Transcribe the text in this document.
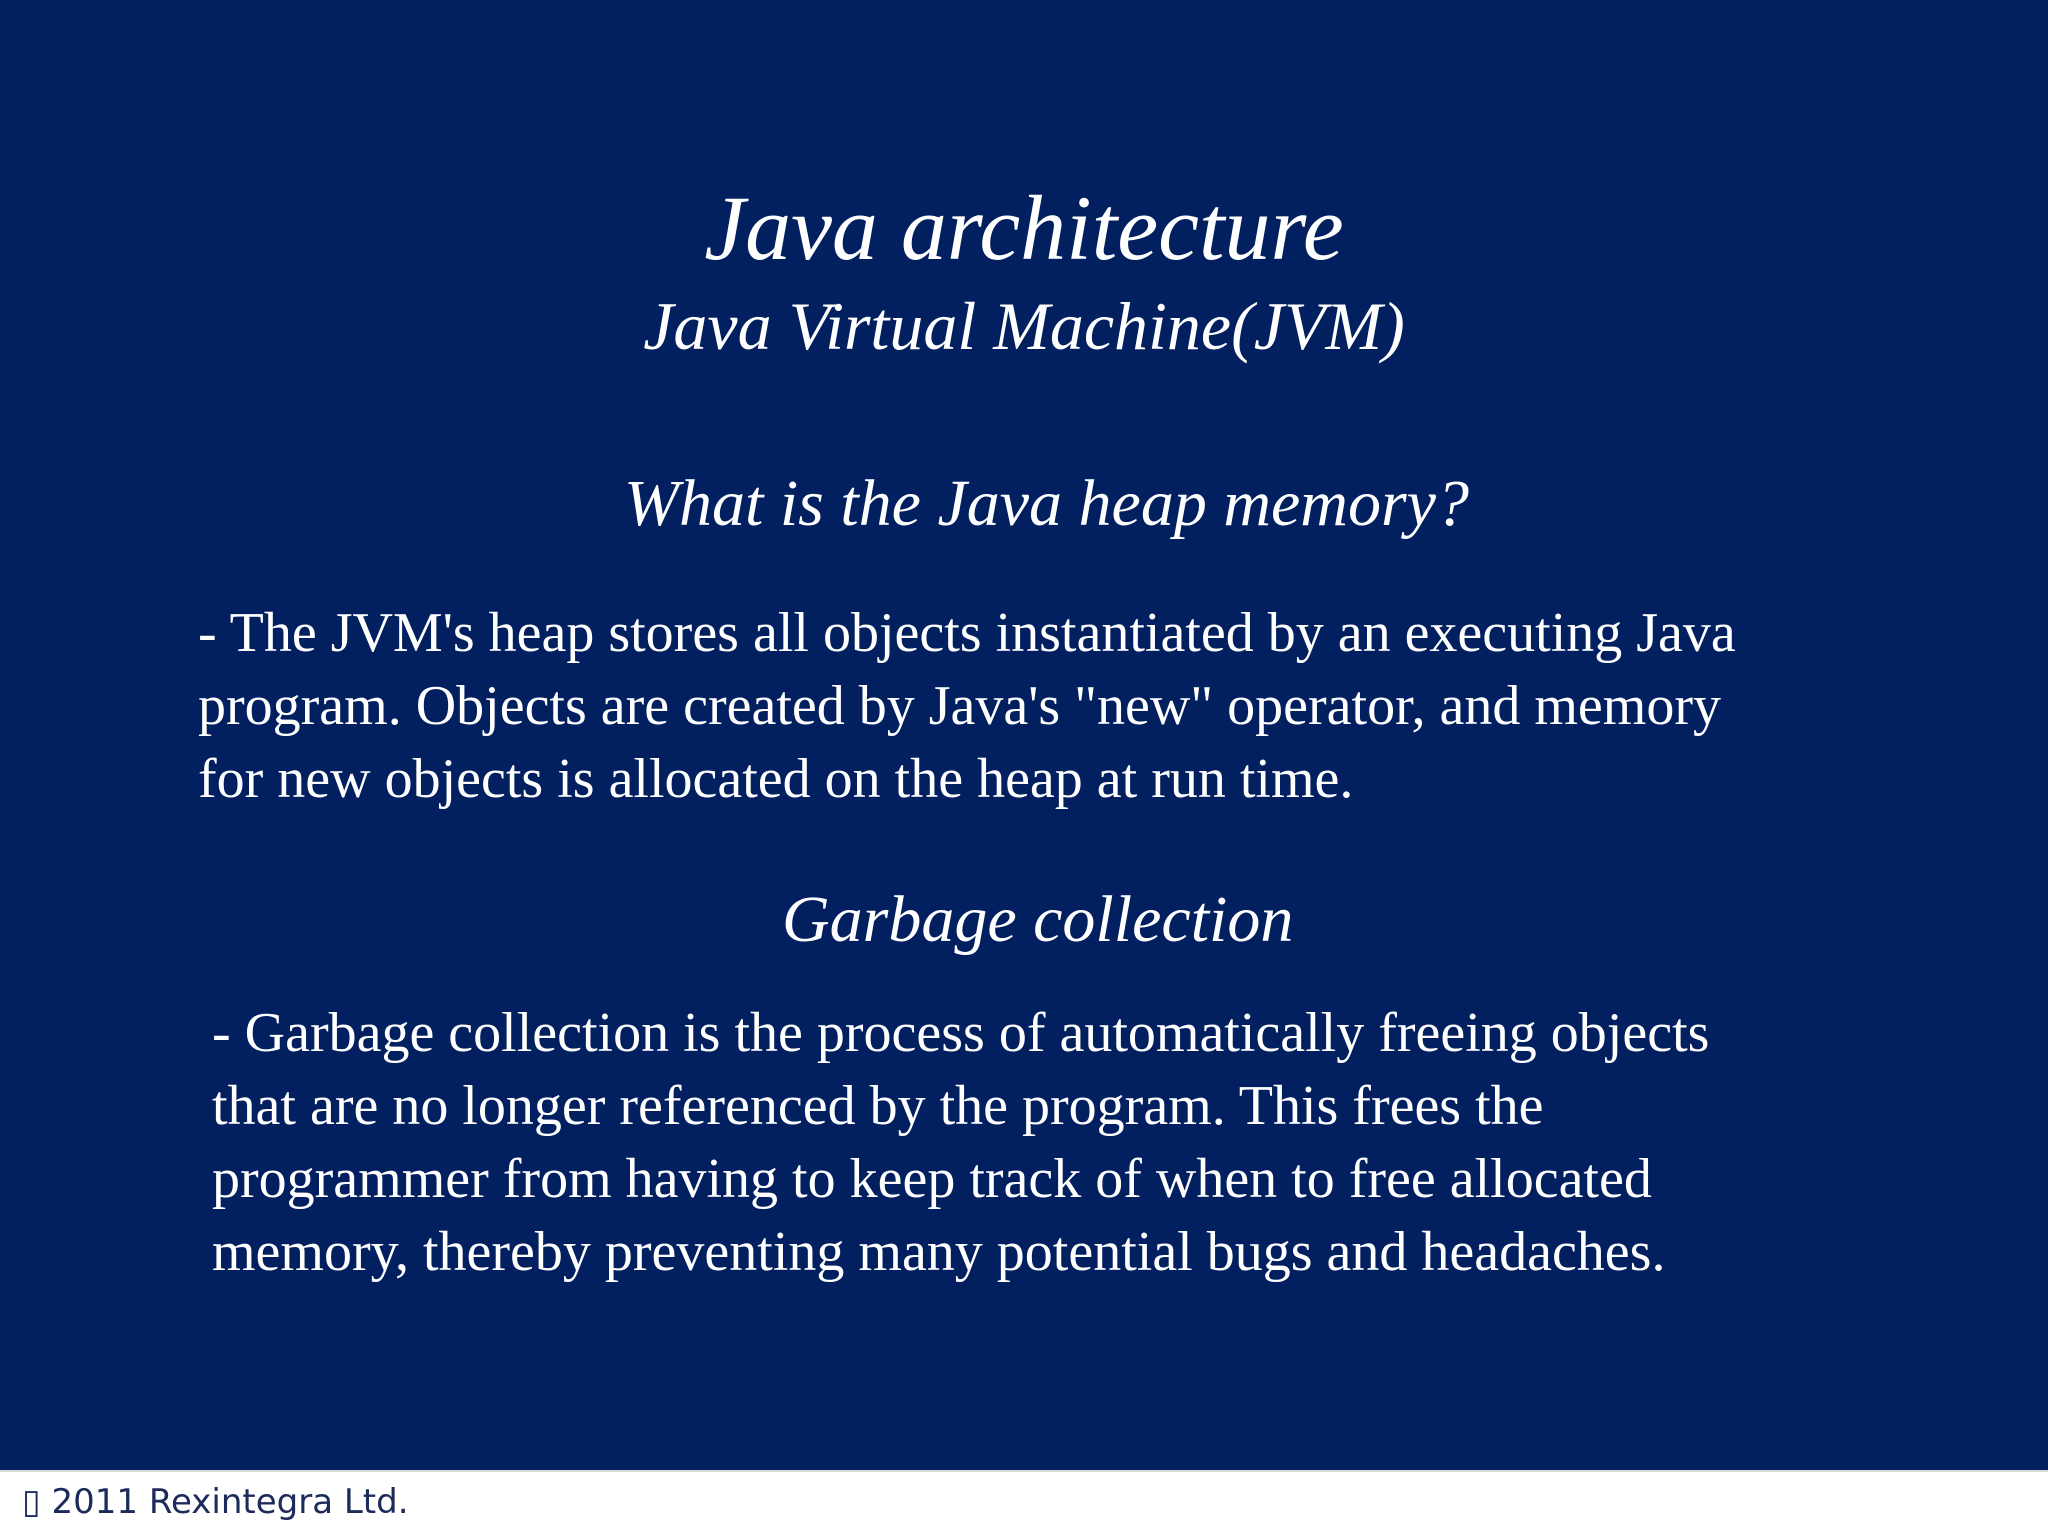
Java architecture
Java Virtual Machine(JVM)
What is the Java heap memory?
- The JVM's heap stores all objects instantiated by an executing Java
program. Objects are created by Java's "new" operator, and memory
for new objects is allocated on the heap at run time.
Garbage collection
- Garbage collection is the process of automatically freeing objects
that are no longer referenced by the program. This frees the
programmer from having to keep track of when to free allocated
memory, thereby preventing many potential bugs and headaches.
▯ 2011 Rexintegra Ltd.
